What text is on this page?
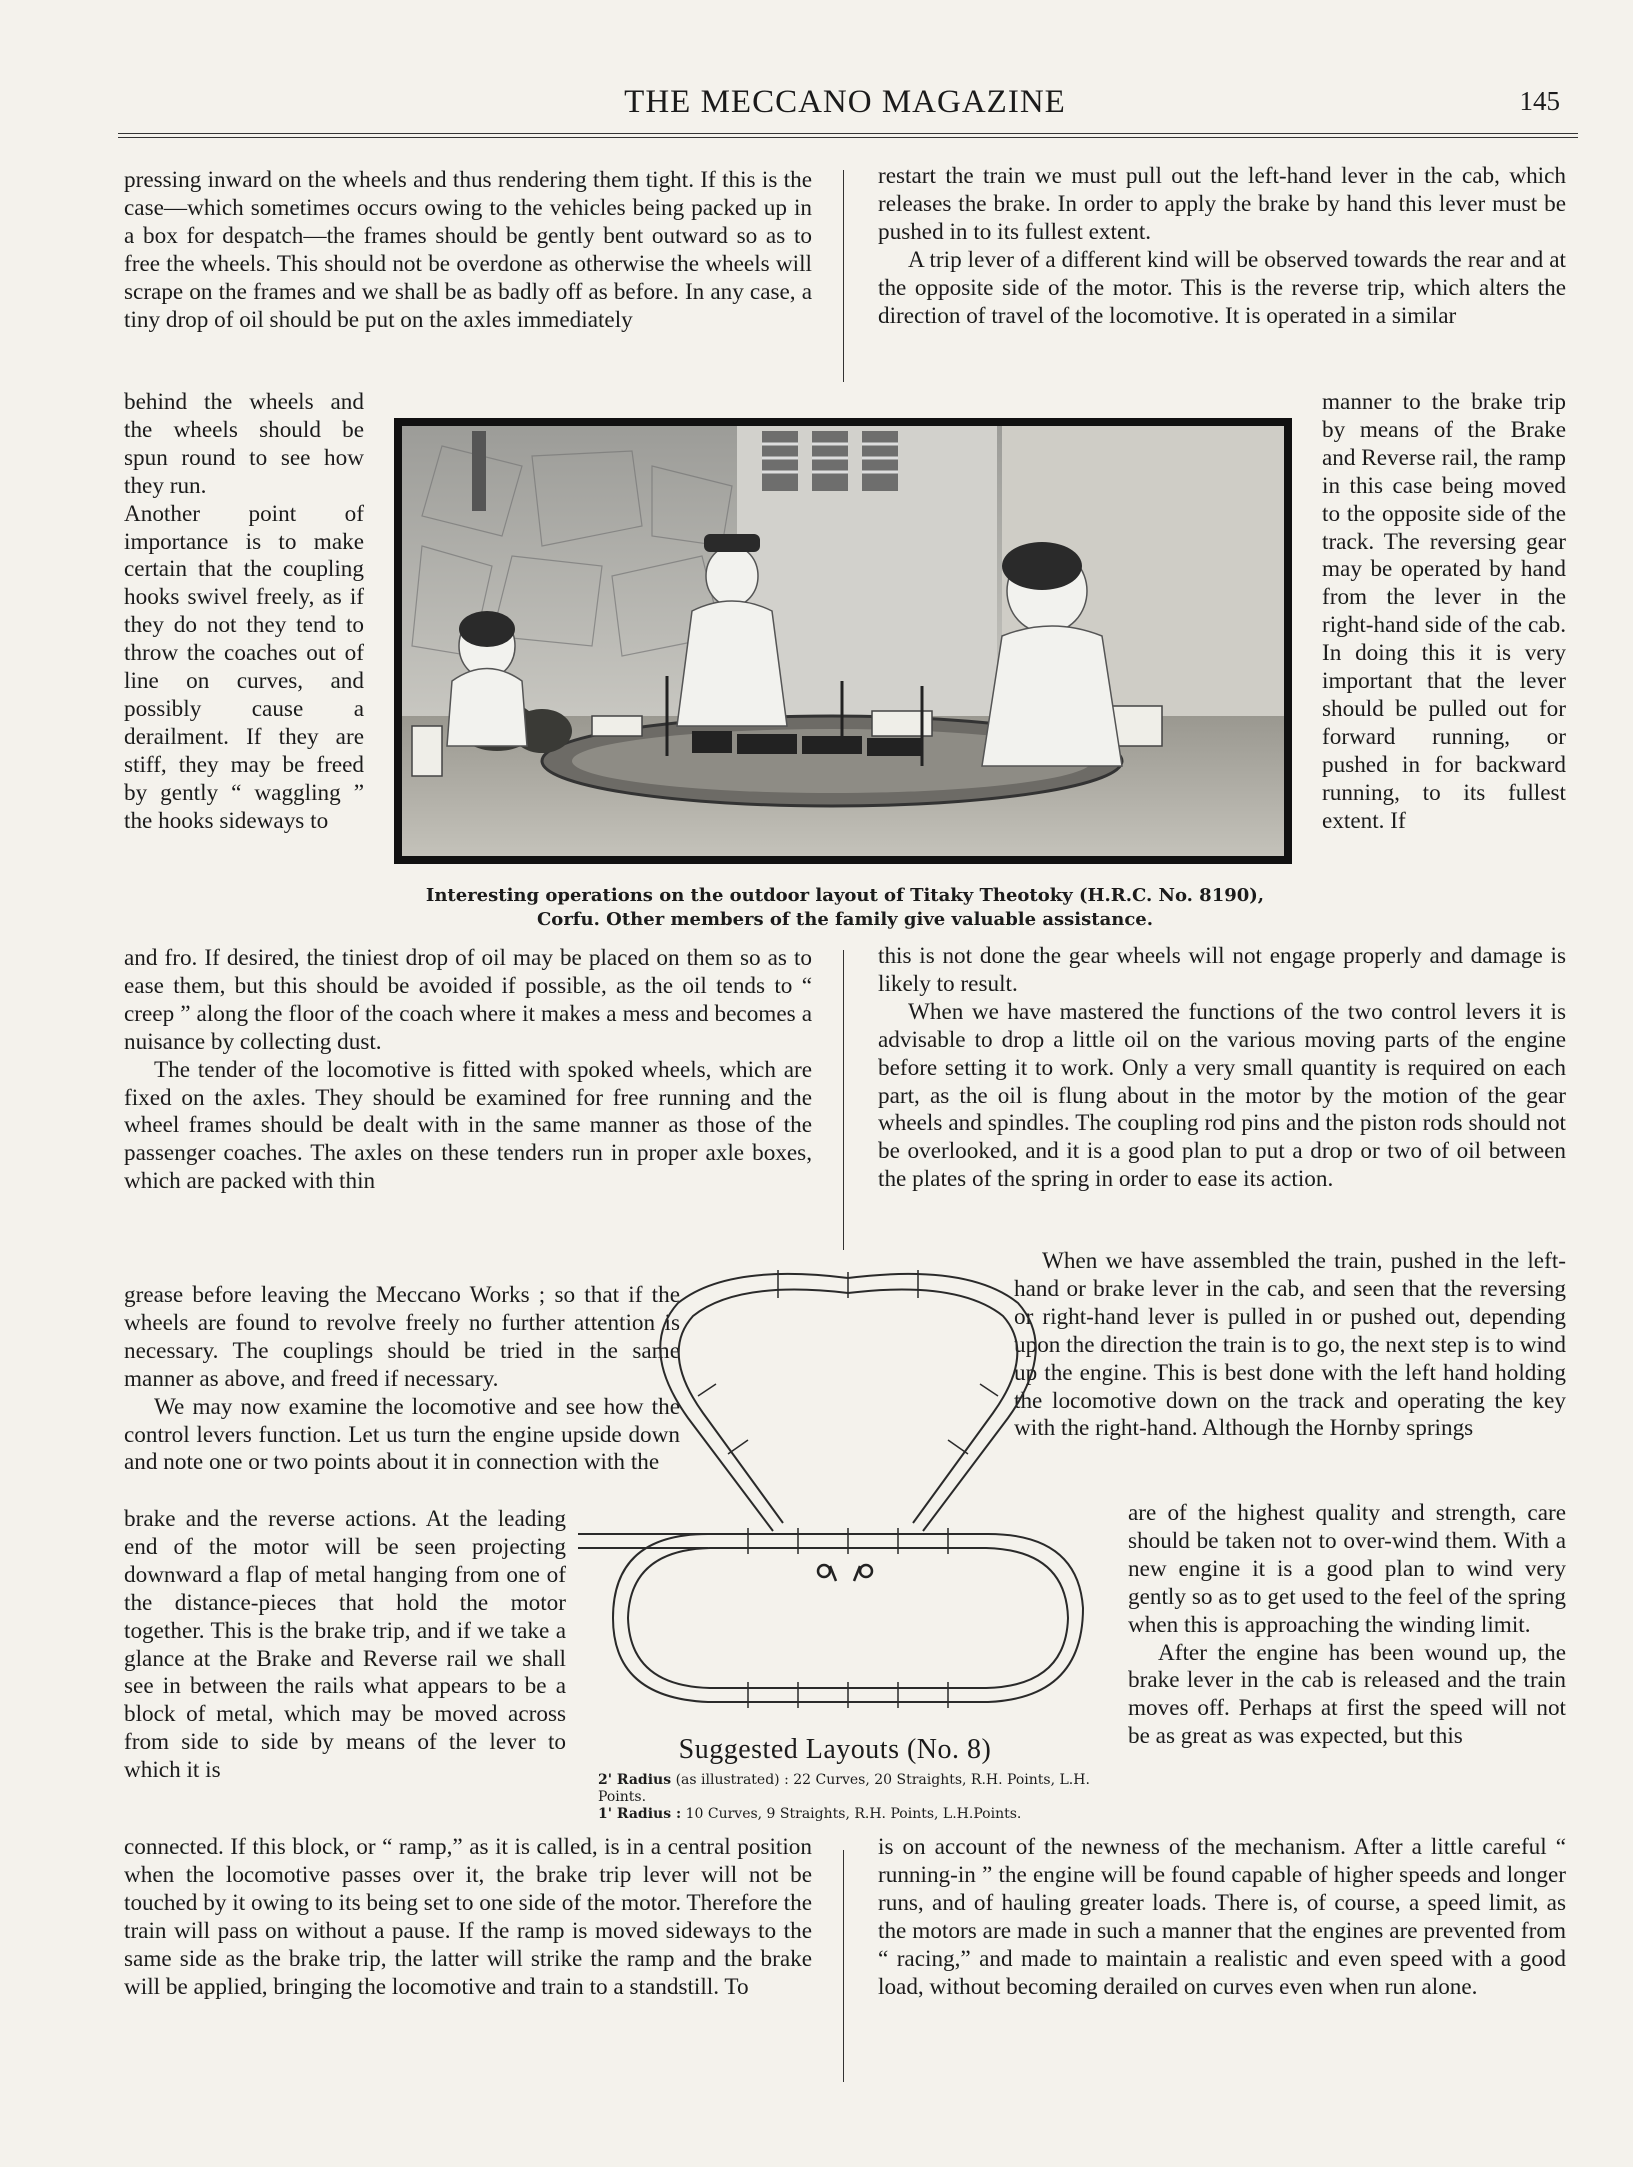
THE MECCANO MAGAZINE	145

pressing inward on the wheels and thus rendering them tight. If this is the case—which sometimes occurs owing to the vehicles being packed up in a box for despatch—the frames should be gently bent outward so as to free the wheels. This should not be overdone as otherwise the wheels will scrape on the frames and we shall be as badly off as before. In any case, a tiny drop of oil should be put on the axles immediately

restart the train we must pull out the left-hand lever in the cab, which releases the brake. In order to apply the brake by hand this lever must be pushed in to its fullest extent.

A trip lever of a different kind will be observed towards the rear and at the opposite side of the motor. This is the reverse trip, which alters the direction of travel of the locomotive. It is operated in a similar

behind the wheels and the wheels should be spun round to see how they run.

Another point of importance is to make certain that the coupling hooks swivel freely, as if they do not they tend to throw the coaches out of line on curves, and possibly cause a derailment. If they are stiff, they may be freed by gently “ waggling ” the hooks sideways to

manner to the brake trip by means of the Brake and Reverse rail, the ramp in this case being moved to the opposite side of the track. The reversing gear may be operated by hand from the lever in the right-hand side of the cab. In doing this it is very important that the lever should be pulled out for forward running, or pushed in for backward running, to its fullest extent. If

Interesting operations on the outdoor layout of Titaky Theotoky (H.R.C. No. 8190),
Corfu. Other members of the family give valuable assistance.

and fro. If desired, the tiniest drop of oil may be placed on them so as to ease them, but this should be avoided if possible, as the oil tends to “ creep ” along the floor of the coach where it makes a mess and becomes a nuisance by collecting dust.

The tender of the locomotive is fitted with spoked wheels, which are fixed on the axles. They should be examined for free running and the wheel frames should be dealt with in the same manner as those of the passenger coaches. The axles on these tenders run in proper axle boxes, which are packed with thin

this is not done the gear wheels will not engage properly and damage is likely to result.

When we have mastered the functions of the two control levers it is advisable to drop a little oil on the various moving parts of the engine before setting it to work. Only a very small quantity is required on each part, as the oil is flung about in the motor by the motion of the gear wheels and spindles. The coupling rod pins and the piston rods should not be overlooked, and it is a good plan to put a drop or two of oil between the plates of the spring in order to ease its action.

grease before leaving the Meccano Works ; so that if the wheels are found to revolve freely no further attention is necessary. The couplings should be tried in the same manner as above, and freed if necessary.

We may now examine the locomotive and see how the control levers function. Let us turn the engine upside down and note one or two points about it in connection with the

brake and the reverse actions. At the leading end of the motor will be seen projecting downward a flap of metal hanging from one of the distance-pieces that hold the motor together. This is the brake trip, and if we take a glance at the Brake and Reverse rail we shall see in between the rails what appears to be a block of metal, which may be moved across from side to side by means of the lever to which it is

When we have assembled the train, pushed in the left-hand or brake lever in the cab, and seen that the reversing or right-hand lever is pulled in or pushed out, depending upon the direction the train is to go, the next step is to wind up the engine. This is best done with the left hand holding the locomotive down on the track and operating the key with the right-hand. Although the Hornby springs

are of the highest quality and strength, care should be taken not to over-wind them. With a new engine it is a good plan to wind very gently so as to get used to the feel of the spring when this is approaching the winding limit.

After the engine has been wound up, the brake lever in the cab is released and the train moves off. Perhaps at first the speed will not be as great as was expected, but this

Suggested Layouts (No. 8)
2' Radius (as illustrated) : 22 Curves, 20 Straights, R.H. Points, L.H. Points.
1' Radius : 10 Curves, 9 Straights, R.H. Points, L.H.Points.

connected. If this block, or “ ramp,” as it is called, is in a central position when the locomotive passes over it, the brake trip lever will not be touched by it owing to its being set to one side of the motor. Therefore the train will pass on without a pause. If the ramp is moved sideways to the same side as the brake trip, the latter will strike the ramp and the brake will be applied, bringing the locomotive and train to a standstill. To

is on account of the newness of the mechanism. After a little careful “ running-in ” the engine will be found capable of higher speeds and longer runs, and of hauling greater loads. There is, of course, a speed limit, as the motors are made in such a manner that the engines are prevented from “ racing,” and made to maintain a realistic and even speed with a good load, without becoming derailed on curves even when run alone.
